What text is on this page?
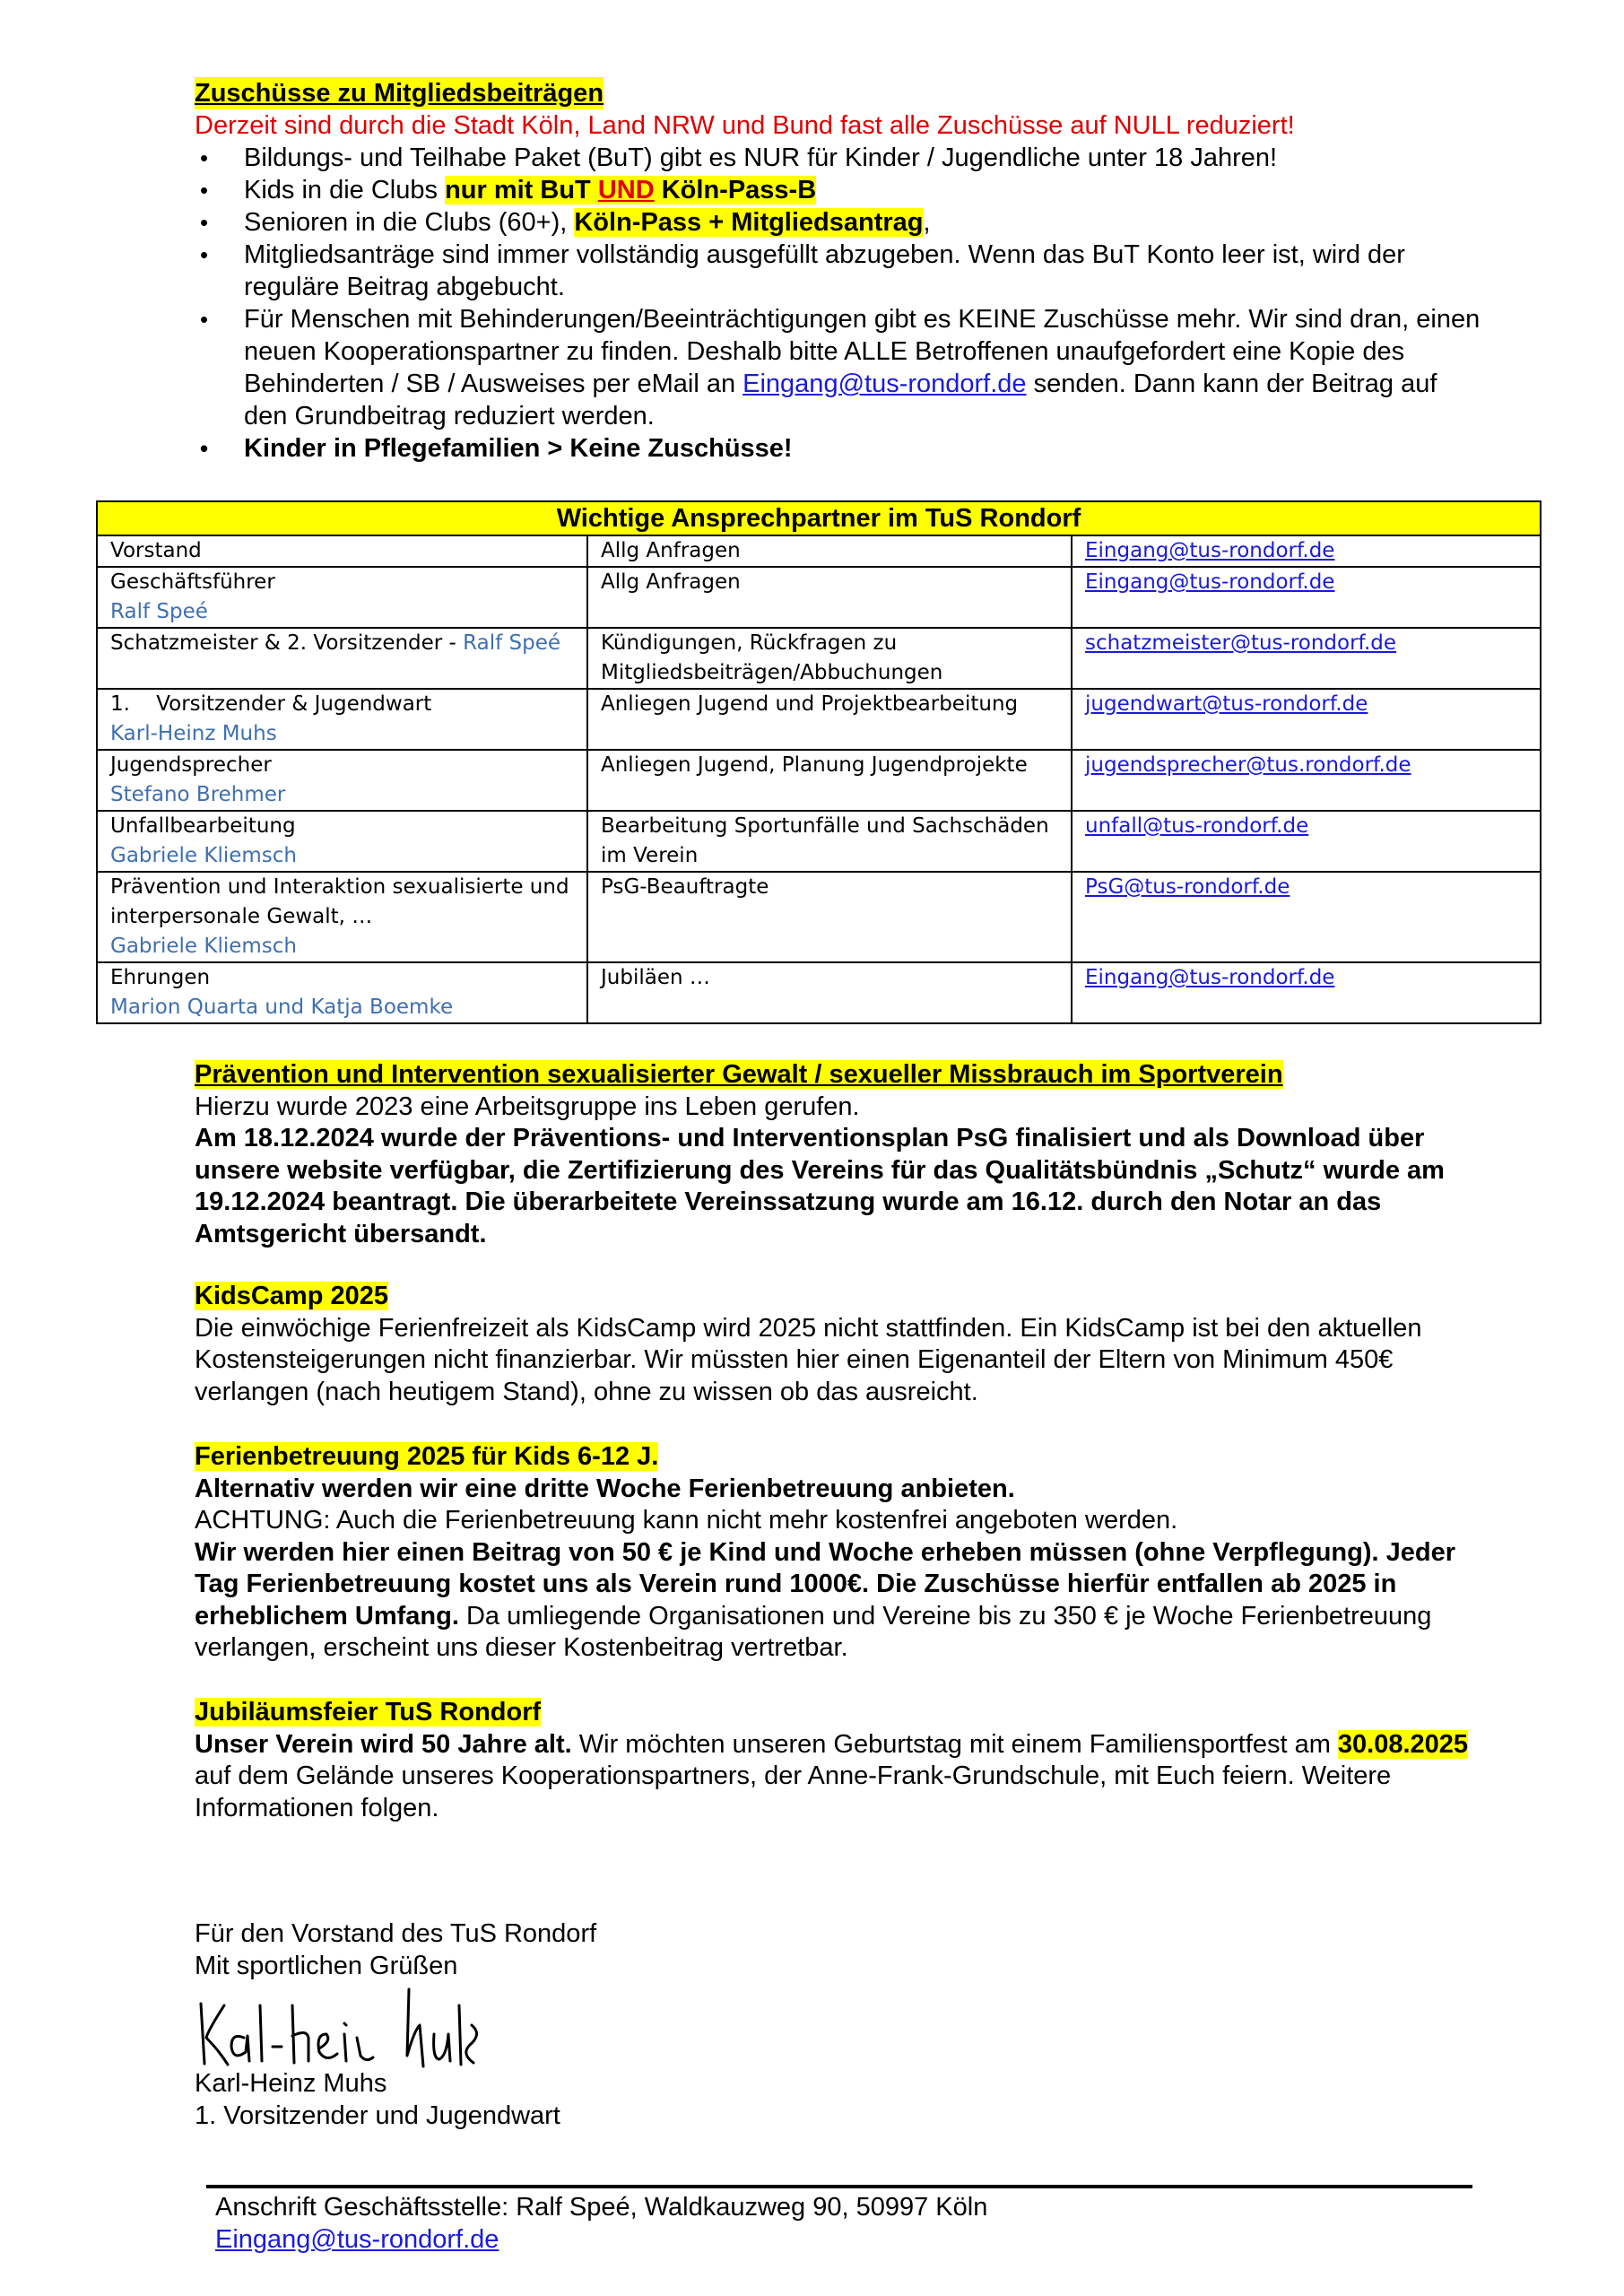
Zuschüsse zu Mitgliedsbeiträgen
Derzeit sind durch die Stadt Köln, Land NRW und Bund fast alle Zuschüsse auf NULL reduziert!
• Bildungs- und Teilhabe Paket (BuT) gibt es NUR für Kinder / Jugendliche unter 18 Jahren!
• Kids in die Clubs nur mit BuT UND Köln-Pass-B
• Senioren in die Clubs (60+), Köln-Pass + Mitgliedsantrag,
• Mitgliedsanträge sind immer vollständig ausgefüllt abzugeben. Wenn das BuT Konto leer ist, wird der reguläre Beitrag abgebucht.
• Für Menschen mit Behinderungen/Beeinträchtigungen gibt es KEINE Zuschüsse mehr. Wir sind dran, einen neuen Kooperationspartner zu finden. Deshalb bitte ALLE Betroffenen unaufgefordert eine Kopie des Behinderten / SB / Ausweises per eMail an Eingang@tus-rondorf.de senden. Dann kann der Beitrag auf den Grundbeitrag reduziert werden.
• Kinder in Pflegefamilien > Keine Zuschüsse!
Wichtige Ansprechpartner im TuS Rondorf		
Vorstand	Allg Anfragen	Eingang@tus-rondorf.de
Geschäftsführer
Ralf Speé	Allg Anfragen	Eingang@tus-rondorf.de
Schatzmeister & 2. Vorsitzender - Ralf Speé	Kündigungen, Rückfragen zu Mitgliedsbeiträgen/Abbuchungen	schatzmeister@tus-rondorf.de
1.    Vorsitzender & Jugendwart
Karl-Heinz Muhs	Anliegen Jugend und Projektbearbeitung	jugendwart@tus-rondorf.de
Jugendsprecher
Stefano Brehmer	Anliegen Jugend, Planung Jugendprojekte	jugendsprecher@tus.rondorf.de
Unfallbearbeitung
Gabriele Kliemsch	Bearbeitung Sportunfälle und Sachschäden im Verein	unfall@tus-rondorf.de
Prävention und Interaktion sexualisierte und interpersonale Gewalt, …
Gabriele Kliemsch	PsG-Beauftragte	PsG@tus-rondorf.de
Ehrungen
Marion Quarta und Katja Boemke	Jubiläen …	Eingang@tus-rondorf.de
Prävention und Intervention sexualisierter Gewalt / sexueller Missbrauch im Sportverein
Hierzu wurde 2023 eine Arbeitsgruppe ins Leben gerufen.
Am 18.12.2024 wurde der Präventions- und Interventionsplan PsG finalisiert und als Download über unsere website verfügbar, die Zertifizierung des Vereins für das Qualitätsbündnis „Schutz“ wurde am 19.12.2024 beantragt. Die überarbeitete Vereinssatzung wurde am 16.12. durch den Notar an das Amtsgericht übersandt.
KidsCamp 2025
Die einwöchige Ferienfreizeit als KidsCamp wird 2025 nicht stattfinden. Ein KidsCamp ist bei den aktuellen Kostensteigerungen nicht finanzierbar. Wir müssten hier einen Eigenanteil der Eltern von Minimum 450€ verlangen (nach heutigem Stand), ohne zu wissen ob das ausreicht.
Ferienbetreuung 2025 für Kids 6-12 J.
Alternativ werden wir eine dritte Woche Ferienbetreuung anbieten.
ACHTUNG: Auch die Ferienbetreuung kann nicht mehr kostenfrei angeboten werden.
Wir werden hier einen Beitrag von 50 € je Kind und Woche erheben müssen (ohne Verpflegung). Jeder Tag Ferienbetreuung kostet uns als Verein rund 1000€. Die Zuschüsse hierfür entfallen ab 2025 in erheblichem Umfang. Da umliegende Organisationen und Vereine bis zu 350 € je Woche Ferienbetreuung verlangen, erscheint uns dieser Kostenbeitrag vertretbar.
Jubiläumsfeier TuS Rondorf
Unser Verein wird 50 Jahre alt. Wir möchten unseren Geburtstag mit einem Familiensportfest am 30.08.2025 auf dem Gelände unseres Kooperationspartners, der Anne-Frank-Grundschule, mit Euch feiern. Weitere Informationen folgen.
Für den Vorstand des TuS Rondorf
Mit sportlichen Grüßen
Karl-Heinz Muhs
1. Vorsitzender und Jugendwart
Anschrift Geschäftsstelle: Ralf Speé, Waldkauzweg 90, 50997 Köln
Eingang@tus-rondorf.de
